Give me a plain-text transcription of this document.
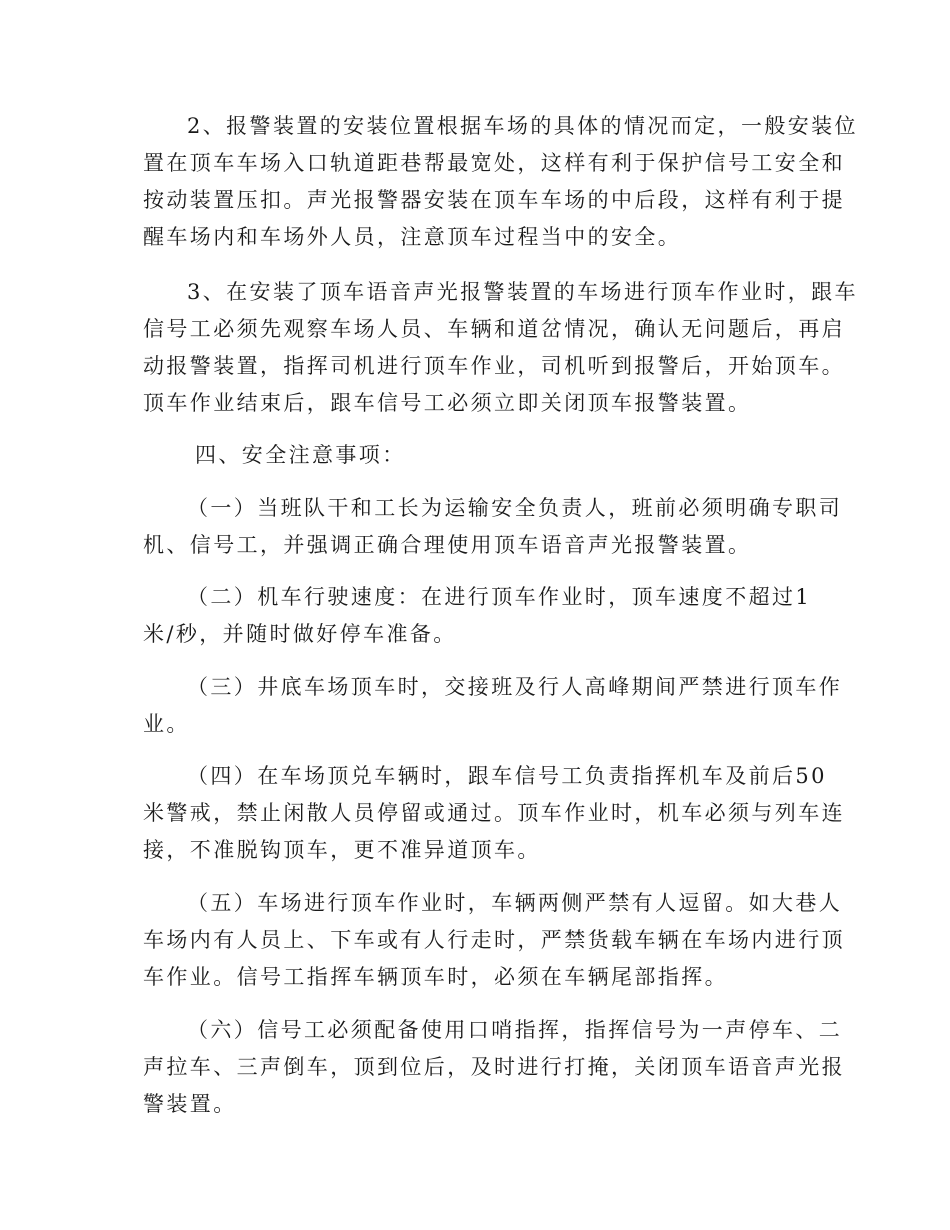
2、报警装置的安装位置根据车场的具体的情况而定，一般安装位
置在顶车车场入口轨道距巷帮最宽处，这样有利于保护信号工安全和
按动装置压扣。声光报警器安装在顶车车场的中后段，这样有利于提
醒车场内和车场外人员，注意顶车过程当中的安全。

3、在安装了顶车语音声光报警装置的车场进行顶车作业时，跟车
信号工必须先观察车场人员、车辆和道岔情况，确认无问题后，再启
动报警装置，指挥司机进行顶车作业，司机听到报警后，开始顶车。
顶车作业结束后，跟车信号工必须立即关闭顶车报警装置。

四、安全注意事项：

（一）当班队干和工长为运输安全负责人，班前必须明确专职司
机、信号工，并强调正确合理使用顶车语音声光报警装置。

（二）机车行驶速度：在进行顶车作业时，顶车速度不超过1
米/秒，并随时做好停车准备。

（三）井底车场顶车时，交接班及行人高峰期间严禁进行顶车作
业。

（四）在车场顶兑车辆时，跟车信号工负责指挥机车及前后50
米警戒，禁止闲散人员停留或通过。顶车作业时，机车必须与列车连
接，不准脱钩顶车，更不准异道顶车。

（五）车场进行顶车作业时，车辆两侧严禁有人逗留。如大巷人
车场内有人员上、下车或有人行走时，严禁货载车辆在车场内进行顶
车作业。信号工指挥车辆顶车时，必须在车辆尾部指挥。

（六）信号工必须配备使用口哨指挥，指挥信号为一声停车、二
声拉车、三声倒车，顶到位后，及时进行打掩，关闭顶车语音声光报
警装置。
